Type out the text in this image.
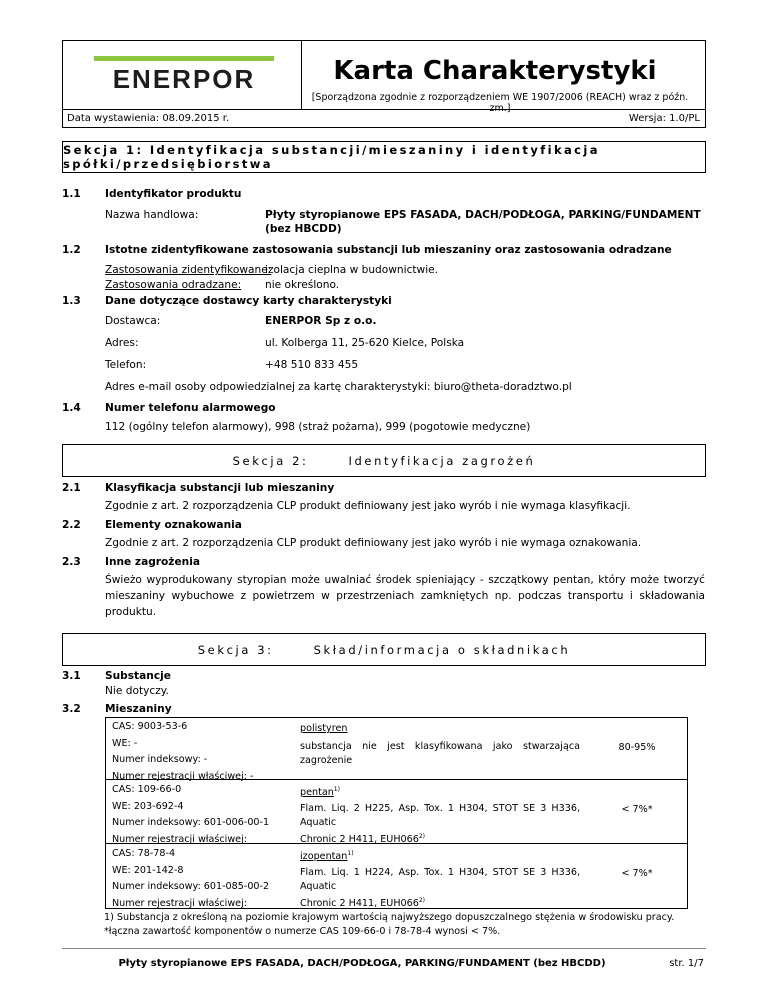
ENERPOR	Karta Charakterystyki
[Sporządzona zgodnie z rozporządzeniem WE 1907/2006 (REACH) wraz z późn. zm.]
Data wystawienia: 08.09.2015 r.	Wersja: 1.0/PL
Sekcja 1: Identyfikacja substancji/mieszaniny i identyfikacja spółki/przedsiębiorstwa
1.1 Identyfikator produktu
Nazwa handlowa:	Płyty styropianowe EPS FASADA, DACH/PODŁOGA, PARKING/FUNDAMENT
(bez HBCDD)
1.2 Istotne zidentyfikowane zastosowania substancji lub mieszaniny oraz zastosowania odradzane
Zastosowania zidentyfikowane:
izolacja cieplna w budownictwie.
Zastosowania odradzane: nie określono.
1.3 Dane dotyczące dostawcy karty charakterystyki
Dostawca:	ENERPOR Sp z o.o.
Adres:	ul. Kolberga 11, 25-620 Kielce, Polska
Telefon:	+48 510 833 455
Adres e-mail osoby odpowiedzialnej za kartę charakterystyki: biuro@theta-doradztwo.pl
Sekcja 2:	Identyfikacja zagrożeń
2.1 Klasyfikacja substancji lub mieszaniny
Zgodnie z art. 2 rozporządzenia CLP produkt definiowany jest jako wyrób i nie wymaga klasyfikacji.
2.2 Elementy oznakowania
Zgodnie z art. 2 rozporządzenia CLP produkt definiowany jest jako wyrób i nie wymaga oznakowania.
2.3 Inne zagrożenia
Świeżo wyprodukowany styropian może uwalniać środek spieniający - szczątkowy pentan, który może tworzyć
mieszaniny wybuchowe z powietrzem w przestrzeniach zamkniętych np. podczas transportu i składowania
produktu.
Sekcja 3:	Skład/informacja o składnikach
3.1 Substancje
Nie dotyczy.
3.2 Mieszaniny
CAS: 9003-53-6
WE: -
Numer indeksowy: -
Numer rejestracji właściwej: -
polistyren
substancja nie jest klasyfikowana jako stwarzająca zagrożenie
80-95%
CAS: 109-66-0
WE: 203-692-4
Numer indeksowy: 601-006-00-1
Numer rejestracji właściwej:
pentan$^{1)}$
Flam. Liq. 2 H225, Asp. Tox. 1 H304, STOT SE 3 H336, Aquatic
Chronic 2 H411, $EUH066^{2)}$
< 7%*
CAS: 78-78-4
WE: 201-142-8
Numer indeksowy: 601-085-00-2
Numer rejestracji właściwej:
izopentan$^{1)}$
Flam. Liq. 1 H224, Asp. Tox. 1 H304, STOT SE 3 H336, Aquatic
Chronic 2 H411, $EUH066^{2)}$
< 7%*
1) Substancja z określoną na poziomie krajowym wartością najwyższego dopuszczalnego stężenia w środowisku pracy.
*łączna zawartość komponentów o numerze CAS 109-66-0 i 78-78-4 wynosi < 7%.
Płyty styropianowe EPS FASADA, DACH/PODŁOGA, PARKING/FUNDAMENT (bez HBCDD)	str. 1/7
1.4 Numer telefonu alarmowego
112 (ogólny telefon alarmowy), 998 (straż pożarna), 999 (pogotowie medyczne)
